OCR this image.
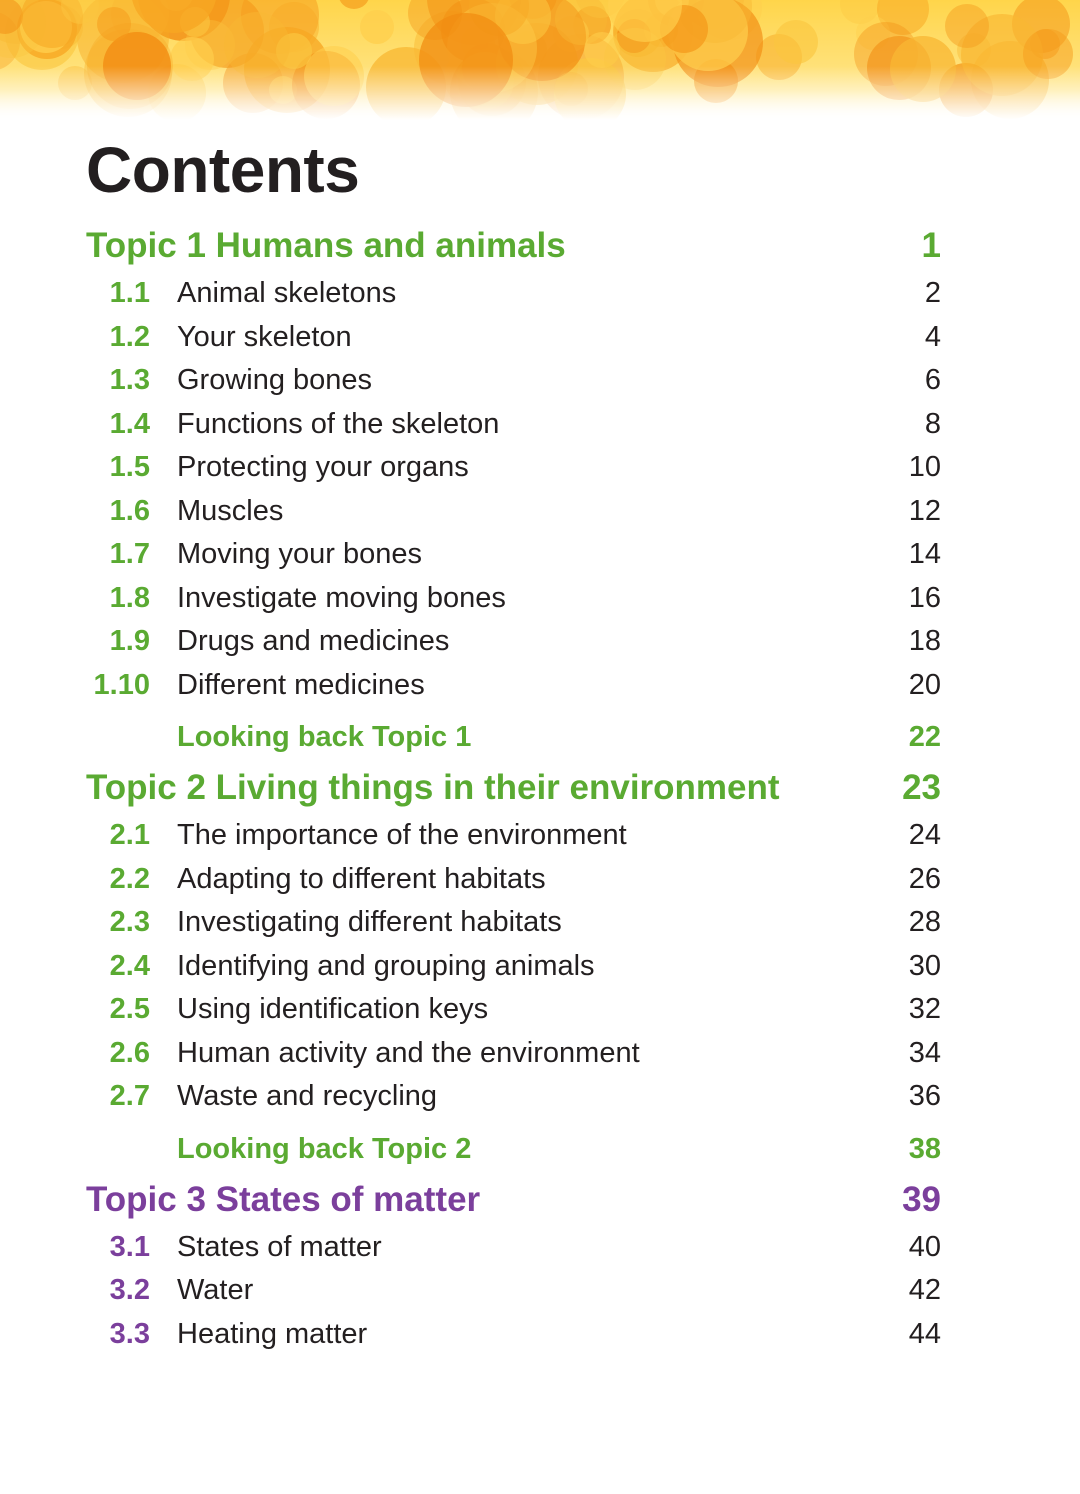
Contents
Topic 1 Humans and animals	1
1.1 Animal skeletons	2
1.2 Your skeleton	4
1.3 Growing bones	6
1.4 Functions of the skeleton	8
1.5 Protecting your organs	10
1.6 Muscles	12
1.7 Moving your bones	14
1.8 Investigate moving bones	16
1.9 Drugs and medicines	18
1.10 Different medicines	20
Looking back Topic 1	22
Topic 2 Living things in their environment	23
2.1 The importance of the environment	24
2.2 Adapting to different habitats	26
2.3 Investigating different habitats	28
2.4 Identifying and grouping animals	30
2.5 Using identification keys	32
2.6 Human activity and the environment	34
2.7 Waste and recycling	36
Looking back Topic 2	38
Topic 3 States of matter	39
3.1 States of matter	40
3.2 Water	42
3.3 Heating matter	44
